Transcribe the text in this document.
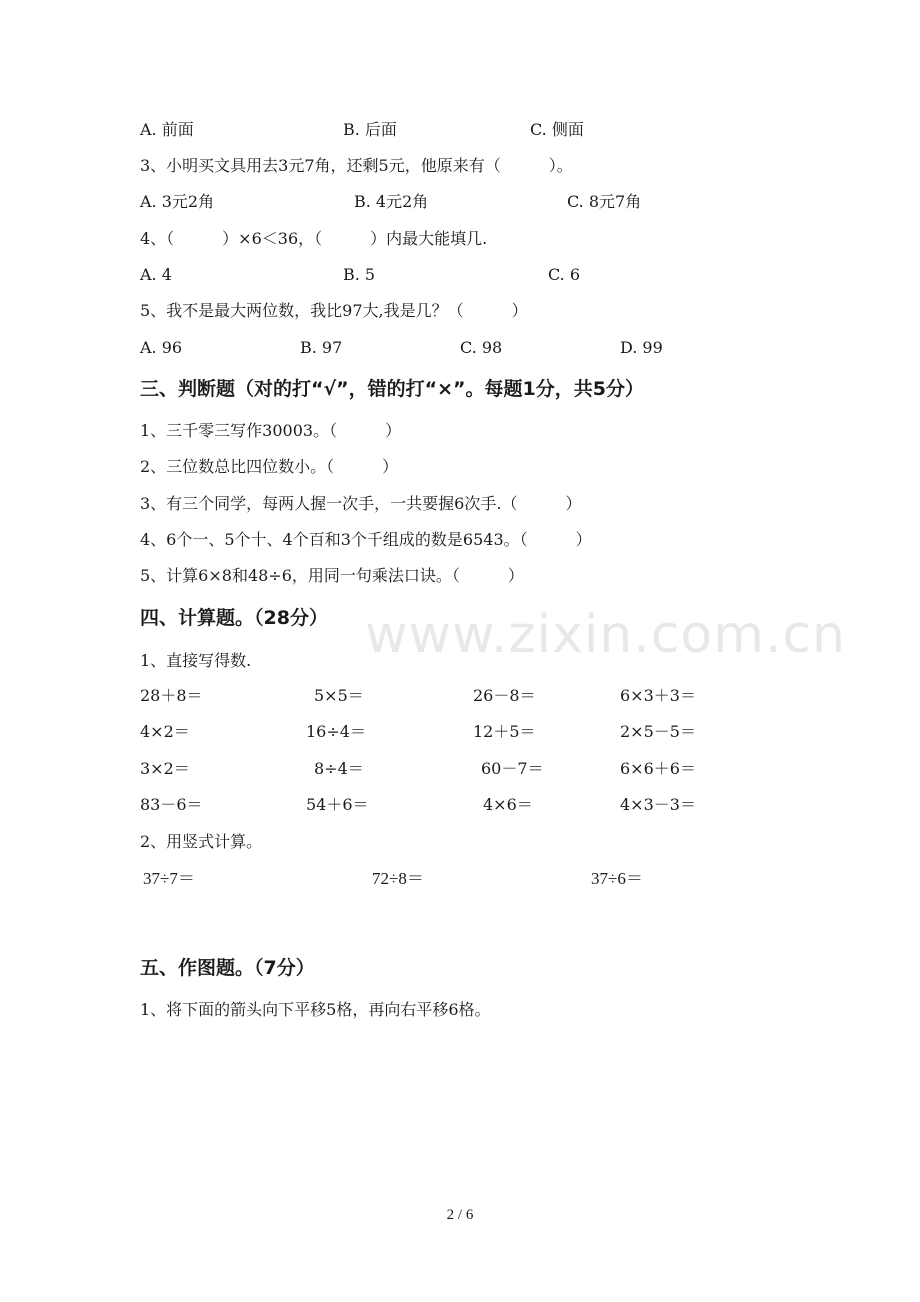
www.zixin.com.cn
A. 前面	B. 后面	C. 侧面
3、小明买文具用去3元7角，还剩5元，他原来有（　　　）。
A. 3元2角	B. 4元2角	C. 8元7角
4、（　　　）×6＜36，（　　　）内最大能填几.
A. 4	B. 5	C. 6
5、我不是最大两位数，我比97大,我是几？（　　　）
A. 96	B. 97	C. 98	D. 99
三、判断题（对的打“√”，错的打“×”。每题1分，共5分）
1、三千零三写作30003。（　　　）
2、三位数总比四位数小。（　　　）
3、有三个同学，每两人握一次手，一共要握6次手.（　　　）
4、6个一、5个十、4个百和3个千组成的数是6543。（　　　）
5、计算6×8和48÷6，用同一句乘法口诀。（　　　）
四、计算题。（28分）
1、直接写得数.
28＋8＝	5×5＝	26－8＝	6×3＋3＝
4×2＝	16÷4＝	12＋5＝	2×5－5＝
3×2＝	8÷4＝	60－7＝	6×6＋6＝
83－6＝	54＋6＝	4×6＝	4×3－3＝
2、用竖式计算。
37÷7＝	72÷8＝	37÷6＝
五、作图题。（7分）
1、将下面的箭头向下平移5格，再向右平移6格。
2 / 6
